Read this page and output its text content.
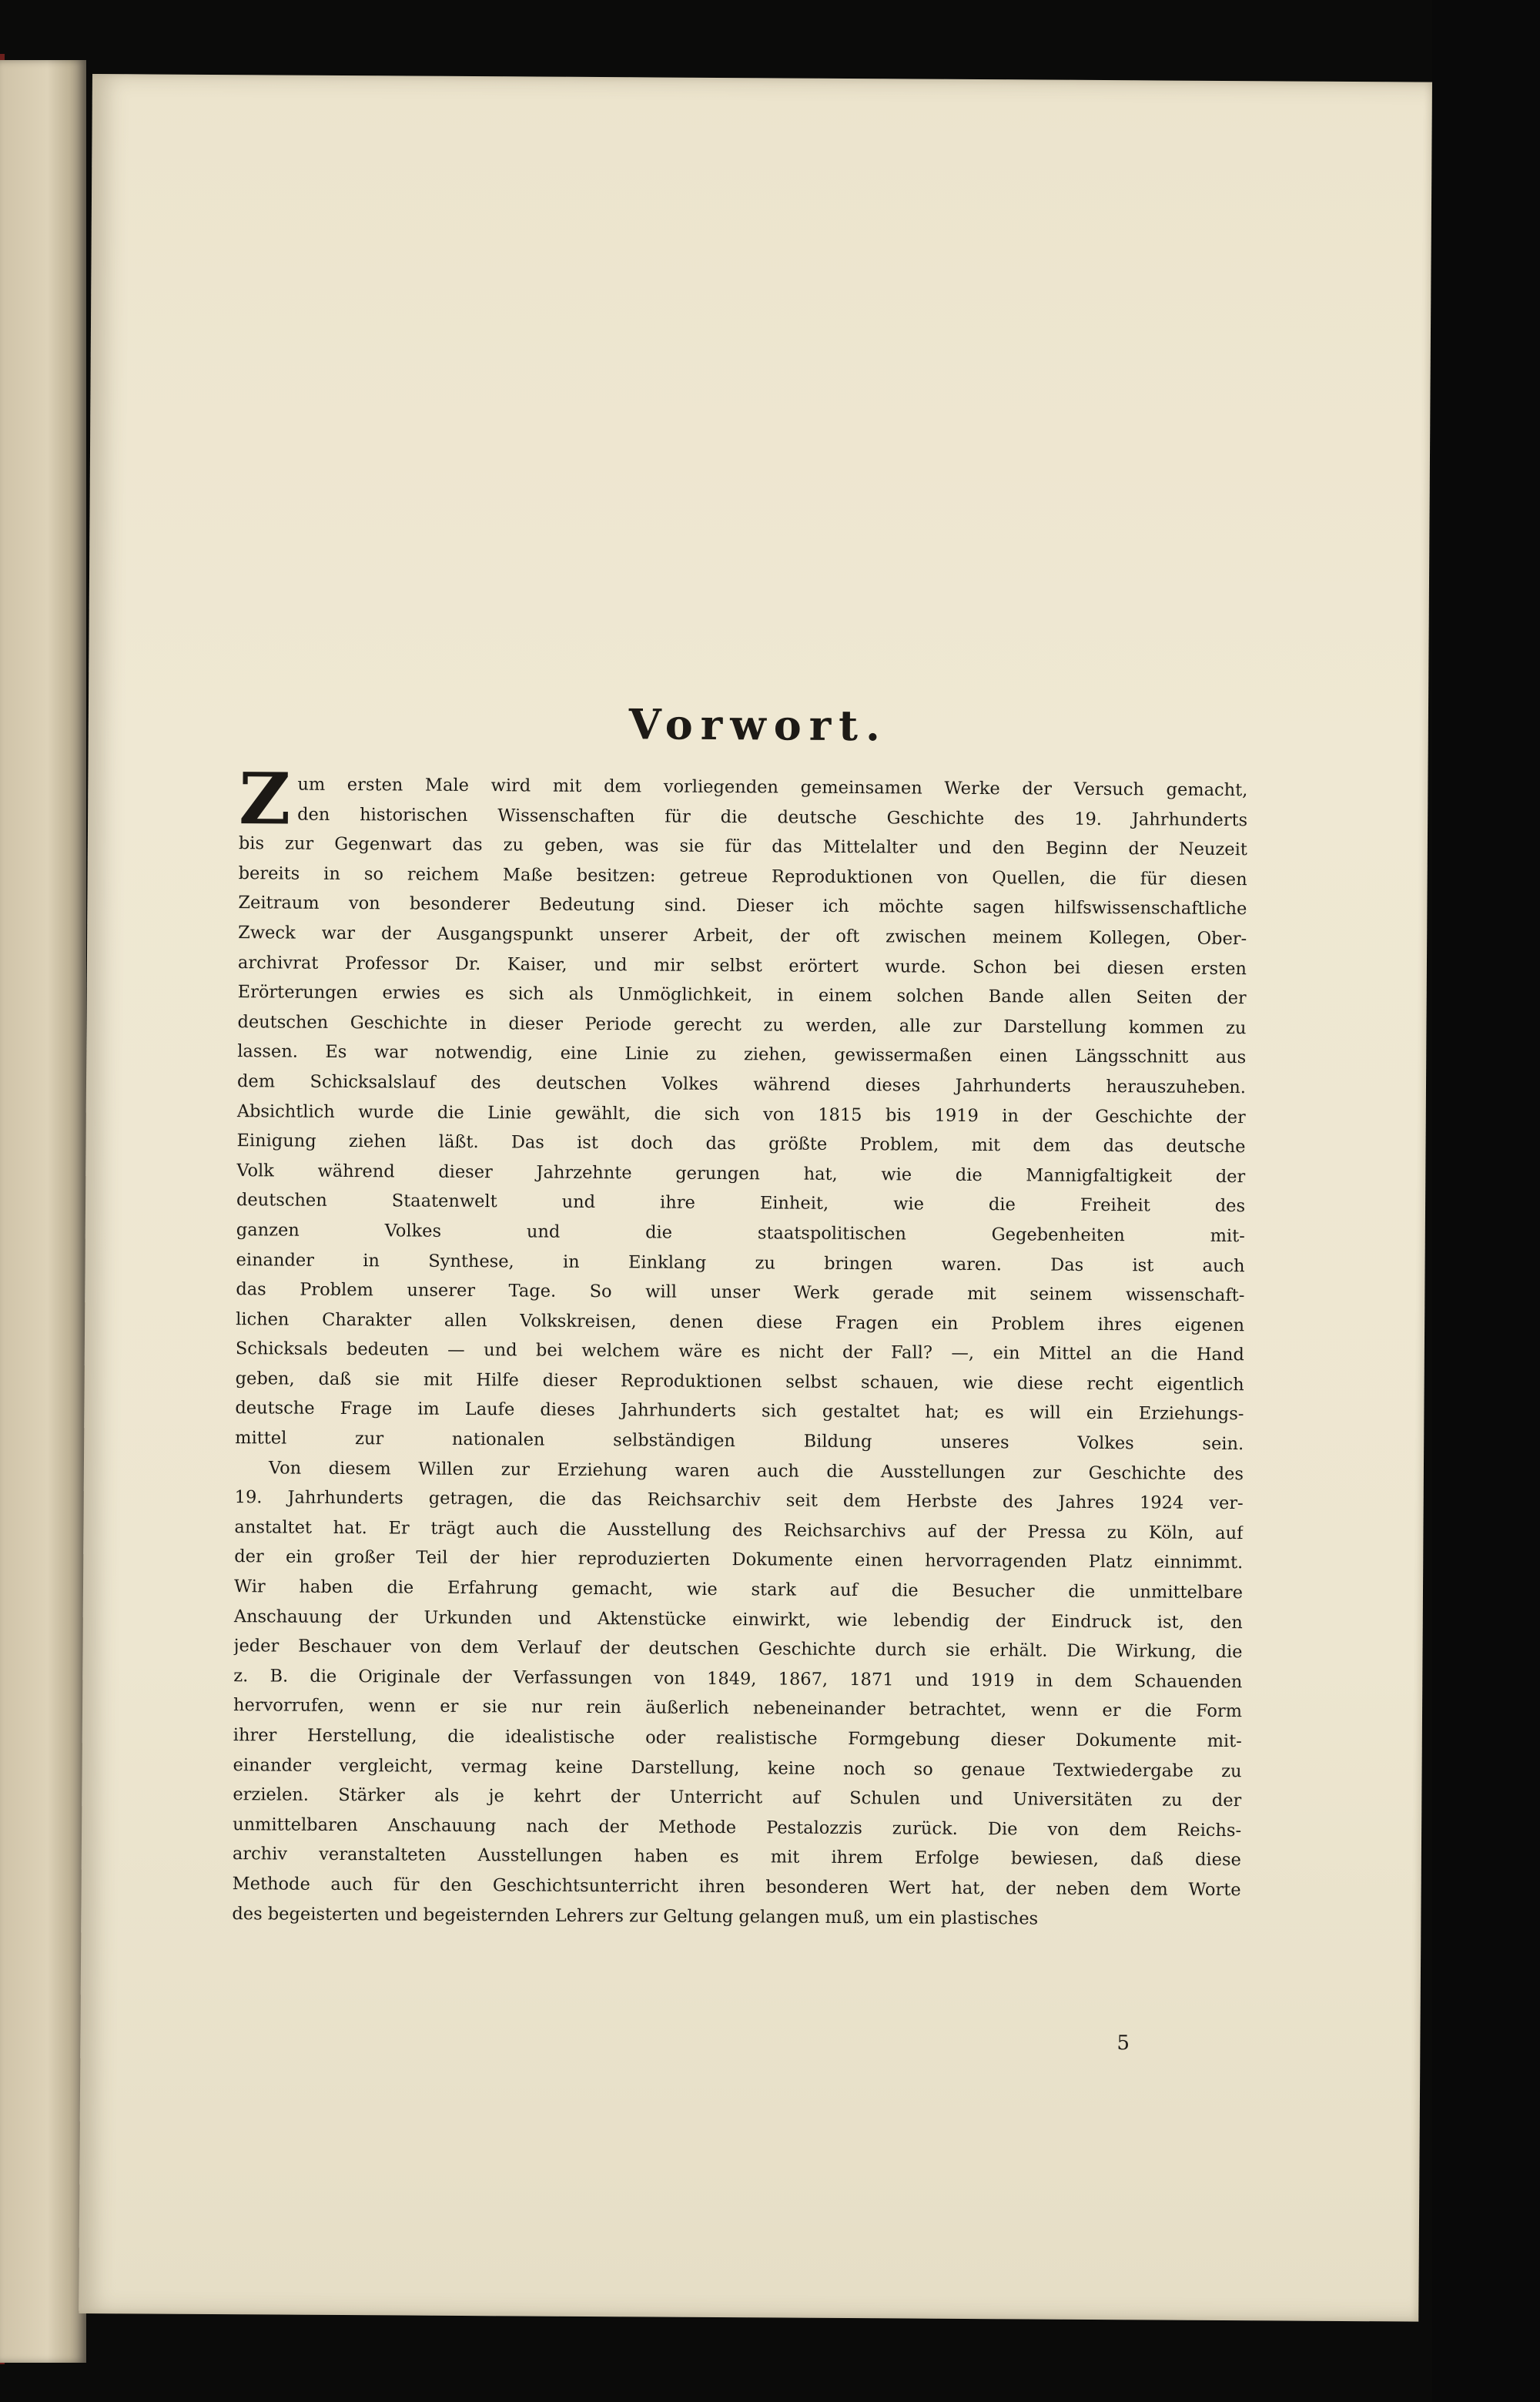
Vorwort.
Z um ersten Male wird mit dem vorliegenden gemeinsamen Werke der Versuch gemacht,
den historischen Wissenschaften für die deutsche Geschichte des 19. Jahrhunderts
bis zur Gegenwart das zu geben, was sie für das Mittelalter und den Beginn der Neuzeit
bereits in so reichem Maße besitzen: getreue Reproduktionen von Quellen, die für diesen
Zeitraum von besonderer Bedeutung sind. Dieser ich möchte sagen hilfswissenschaftliche
Zweck war der Ausgangspunkt unserer Arbeit, der oft zwischen meinem Kollegen, Ober-
archivrat Professor Dr. Kaiser, und mir selbst erörtert wurde. Schon bei diesen ersten
Erörterungen erwies es sich als Unmöglichkeit, in einem solchen Bande allen Seiten der
deutschen Geschichte in dieser Periode gerecht zu werden, alle zur Darstellung kommen zu
lassen. Es war notwendig, eine Linie zu ziehen, gewissermaßen einen Längsschnitt aus
dem Schicksalslauf des deutschen Volkes während dieses Jahrhunderts herauszuheben.
Absichtlich wurde die Linie gewählt, die sich von 1815 bis 1919 in der Geschichte der
Einigung ziehen läßt. Das ist doch das größte Problem, mit dem das deutsche
Volk während dieser Jahrzehnte gerungen hat, wie die Mannigfaltigkeit der
deutschen Staatenwelt und ihre Einheit, wie die Freiheit des
ganzen Volkes und die staatspolitischen Gegebenheiten mit-
einander in Synthese, in Einklang zu bringen waren. Das ist auch
das Problem unserer Tage. So will unser Werk gerade mit seinem wissenschaft-
lichen Charakter allen Volkskreisen, denen diese Fragen ein Problem ihres eigenen
Schicksals bedeuten — und bei welchem wäre es nicht der Fall? —, ein Mittel an die Hand
geben, daß sie mit Hilfe dieser Reproduktionen selbst schauen, wie diese recht eigentlich
deutsche Frage im Laufe dieses Jahrhunderts sich gestaltet hat; es will ein Erziehungs-
mittel zur nationalen selbständigen Bildung unseres Volkes sein.
Von diesem Willen zur Erziehung waren auch die Ausstellungen zur Geschichte des
19. Jahrhunderts getragen, die das Reichsarchiv seit dem Herbste des Jahres 1924 ver-
anstaltet hat. Er trägt auch die Ausstellung des Reichsarchivs auf der Pressa zu Köln, auf
der ein großer Teil der hier reproduzierten Dokumente einen hervorragenden Platz einnimmt.
Wir haben die Erfahrung gemacht, wie stark auf die Besucher die unmittelbare
Anschauung der Urkunden und Aktenstücke einwirkt, wie lebendig der Eindruck ist, den
jeder Beschauer von dem Verlauf der deutschen Geschichte durch sie erhält. Die Wirkung, die
z. B. die Originale der Verfassungen von 1849, 1867, 1871 und 1919 in dem Schauenden
hervorrufen, wenn er sie nur rein äußerlich nebeneinander betrachtet, wenn er die Form
ihrer Herstellung, die idealistische oder realistische Formgebung dieser Dokumente mit-
einander vergleicht, vermag keine Darstellung, keine noch so genaue Textwiedergabe zu
erzielen. Stärker als je kehrt der Unterricht auf Schulen und Universitäten zu der
unmittelbaren Anschauung nach der Methode Pestalozzis zurück. Die von dem Reichs-
archiv veranstalteten Ausstellungen haben es mit ihrem Erfolge bewiesen, daß diese
Methode auch für den Geschichtsunterricht ihren besonderen Wert hat, der neben dem Worte
des begeisterten und begeisternden Lehrers zur Geltung gelangen muß, um ein plastisches
5
